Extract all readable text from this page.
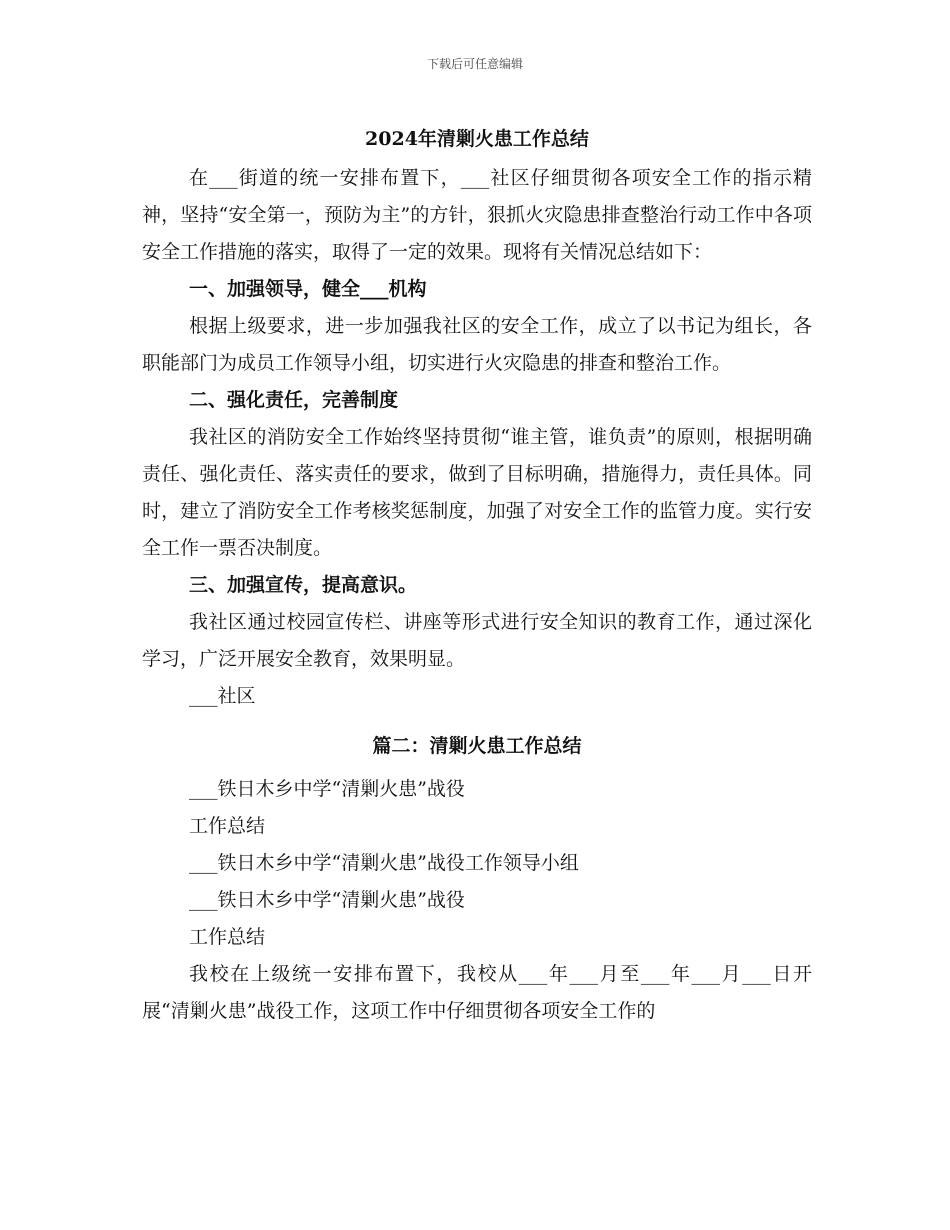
下载后可任意编辑
2024年清剿火患工作总结

在___街道的统一安排布置下，___社区仔细贯彻各项安全工作的指示精神，坚持“安全第一，预防为主”的方针，狠抓火灾隐患排查整治行动工作中各项安全工作措施的落实，取得了一定的效果。现将有关情况总结如下：

一、加强领导，健全___机构

根据上级要求，进一步加强我社区的安全工作，成立了以书记为组长，各职能部门为成员工作领导小组，切实进行火灾隐患的排查和整治工作。

二、强化责任，完善制度

我社区的消防安全工作始终坚持贯彻“谁主管，谁负责”的原则，根据明确责任、强化责任、落实责任的要求，做到了目标明确，措施得力，责任具体。同时，建立了消防安全工作考核奖惩制度，加强了对安全工作的监管力度。实行安全工作一票否决制度。

三、加强宣传，提高意识。

我社区通过校园宣传栏、讲座等形式进行安全知识的教育工作，通过深化学习，广泛开展安全教育，效果明显。

___社区

篇二：清剿火患工作总结

___铁日木乡中学“清剿火患”战役

工作总结

___铁日木乡中学“清剿火患”战役工作领导小组

___铁日木乡中学“清剿火患”战役

工作总结

我校在上级统一安排布置下，我校从___年___月至___年___月___日开展“清剿火患”战役工作，这项工作中仔细贯彻各项安全工作的
